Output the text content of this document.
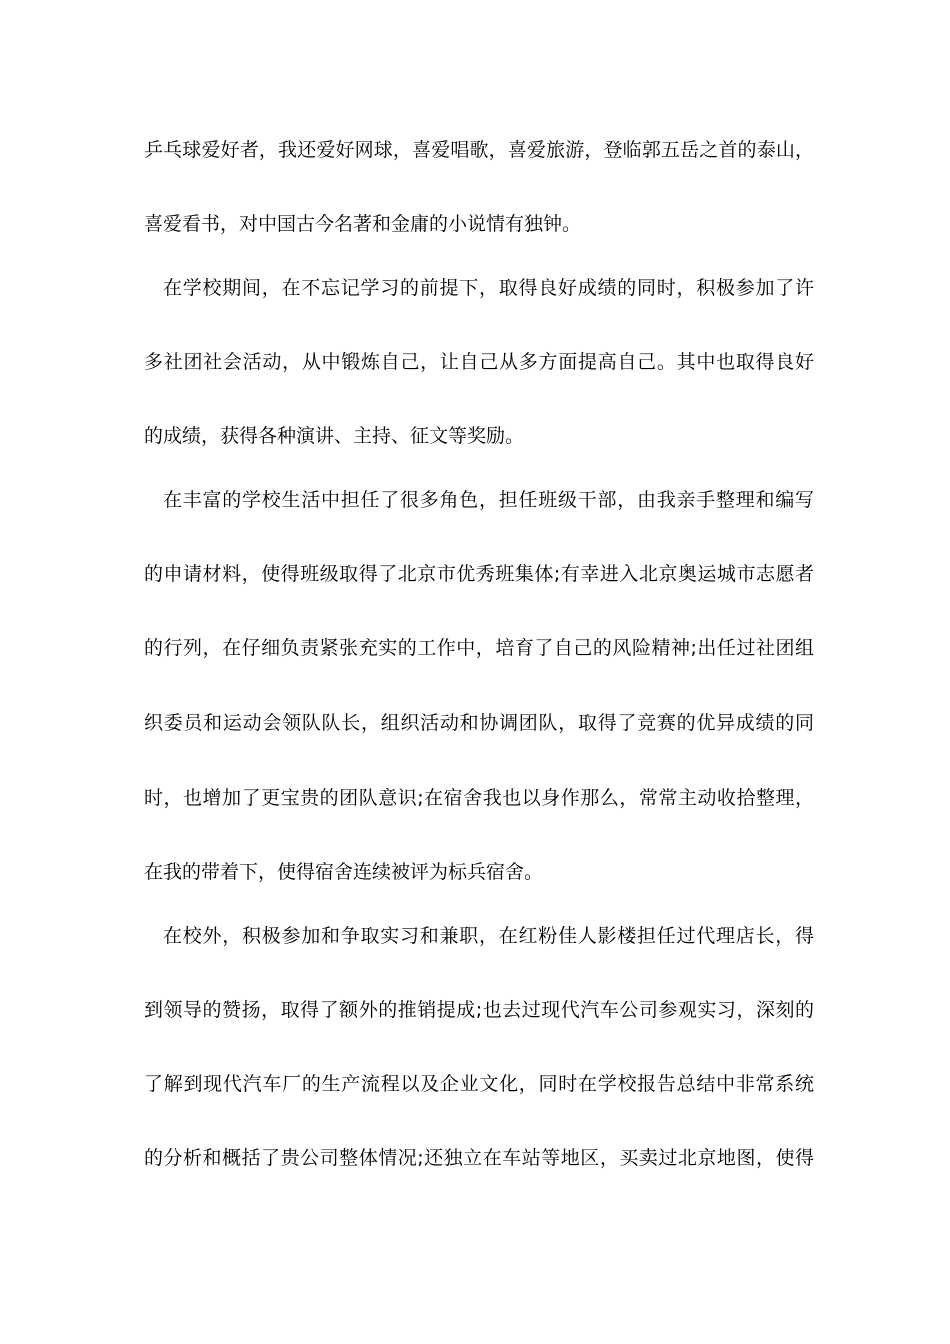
乒乓球爱好者，我还爱好网球，喜爱唱歌，喜爱旅游，登临郭五岳之首的泰山，
喜爱看书，对中国古今名著和金庸的小说情有独钟。
在学校期间，在不忘记学习的前提下，取得良好成绩的同时，积极参加了许
多社团社会活动，从中锻炼自己，让自己从多方面提高自己。其中也取得良好
的成绩，获得各种演讲、主持、征文等奖励。
在丰富的学校生活中担任了很多角色，担任班级干部，由我亲手整理和编写
的申请材料，使得班级取得了北京市优秀班集体;有幸进入北京奥运城市志愿者
的行列，在仔细负责紧张充实的工作中，培育了自己的风险精神;出任过社团组
织委员和运动会领队队长，组织活动和协调团队，取得了竞赛的优异成绩的同
时，也增加了更宝贵的团队意识;在宿舍我也以身作那么，常常主动收拾整理，
在我的带着下，使得宿舍连续被评为标兵宿舍。
在校外，积极参加和争取实习和兼职，在红粉佳人影楼担任过代理店长，得
到领导的赞扬，取得了额外的推销提成;也去过现代汽车公司参观实习，深刻的
了解到现代汽车厂的生产流程以及企业文化，同时在学校报告总结中非常系统
的分析和概括了贵公司整体情况;还独立在车站等地区，买卖过北京地图，使得
